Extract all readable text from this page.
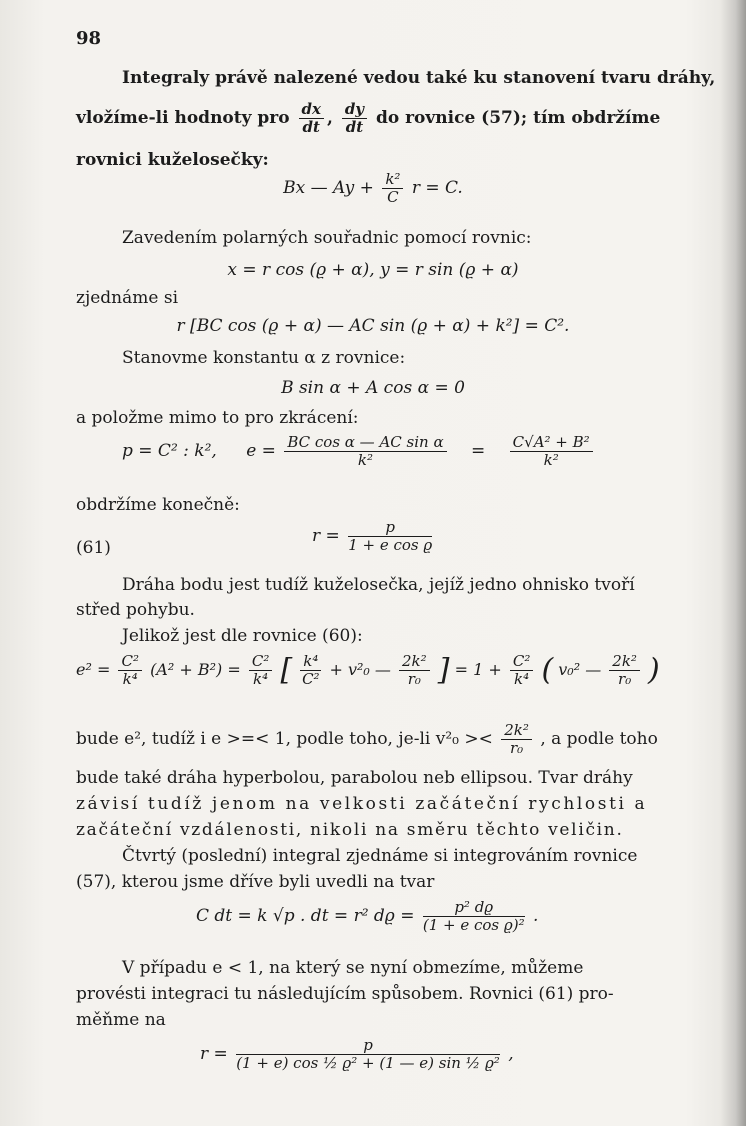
98
Integraly právě nalezené vedou také ku stanovení tvaru dráhy,
vložíme-li hodnoty pro $\frac{dx}{dt}$ , $\frac{dy}{dt}$ do rovnice (57); tím obdržíme
rovnici kuželosečky:
Bx — $Ay + \frac{\text{k²}}{C}$ r = C.
Zavedením polarných souřadnic pomocí rovnic:
x = r cos (ϱ + α), y = r sin (ϱ + α)
zjednáme si
r [BC cos (ϱ + α) — AC sin (ϱ + α) + k²] = C².
Stanovme konstantu α z rovnice:
B sin α + A cos α = 0
a položme mimo to pro zkrácení:
p = C² : k², $e = \frac{\text{BC cos α — AC sin α}}{\text{k²}} = \frac{\text{C√A² + B²}}{\text{k²}}$
obdržíme konečně:
(61)
$r = \frac{p}{\text{1 + e cos ϱ}}$
Dráha bodu jest tudíž kuželosečka, jejíž jedno ohnisko tvoří
střed pohybu.
Jelikož jest dle rovnice (60):
$e^2 = \frac{\text{C²}}{\text{k⁴}} (A^2 + B^2) = \frac{\text{C²}}{\text{k⁴}}$ [ $\frac{\text{k⁴}}{\text{C²}} + v^2_0$ — $\frac{\text{2k²}}{\text{r₀}}$ ] = $1 + \frac{\text{C²}}{\text{k⁴}}$ ( v₀² — $\frac{\text{2k²}}{\text{r₀}}$ )
bude e², tudíž i e >=< 1, podle toho, je-li $v^2_0 >< \frac{\text{2k²}}{\text{r₀}}$ , a podle toho
bude také dráha hyperbolou, parabolou neb ellipsou. Tvar dráhy
závisí tudíž jenom na velkosti začáteční rychlosti a
začáteční vzdálenosti, nikoli na směru těchto veličin.
Čtvrtý (poslední) integral zjednáme si integrováním rovnice
(57), kterou jsme dříve byli uvedli na tvar
C dt = k √p . dt = r² $dϱ = \frac{\text{p² dϱ}}{\text{(1 + e cos ϱ)²}}$ .
V případu e < 1, na který se nyní obmezíme, můžeme
provésti integraci tu následujícím spůsobem. Rovnici (61) pro-
měňme na
$r = \frac{p}{\text{(1 + e) cos ½ ϱ² + (1 — e) sin ½ ϱ²}}$ ,
